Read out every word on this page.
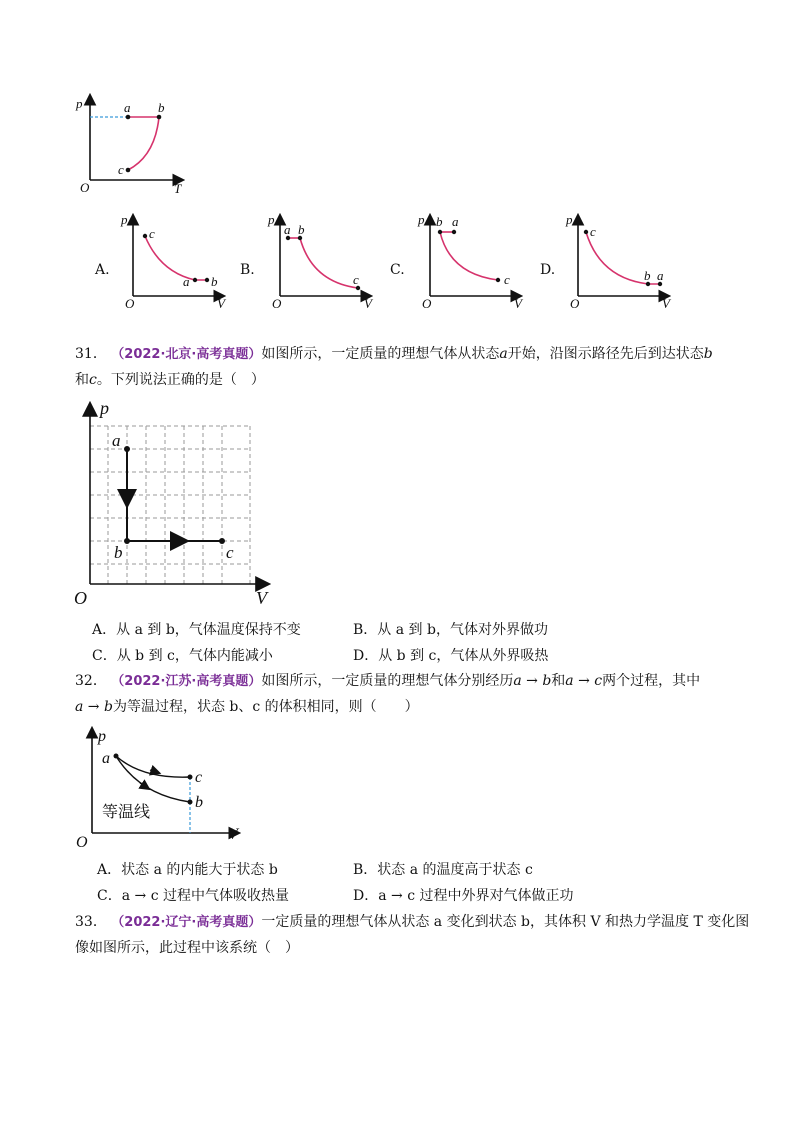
p
T
O
a b
c
A.
p
V
O
c
a b
B.
p
V
O
a b
c
C.
p
V
O
b a
c
D.
p
V
O
c
b a
31． （2022·北京·高考真题）如图所示，一定质量的理想气体从状态a开始，沿图示路径先后到达状态b
和c。下列说法正确的是（　）
p
V
O
a
b	c
A．从 a 到 b，气体温度保持不变	B．从 a 到 b，气体对外界做功
C．从 b 到 c，气体内能减小	D．从 b 到 c，气体从外界吸热
32． （2022·江苏·高考真题）如图所示，一定质量的理想气体分别经历a → b和a → c两个过程，其中
a → b为等温过程，状态 b、c 的体积相同，则（　　）
p
V
O
a
c
b
等温线
A．状态 a 的内能大于状态 b	B．状态 a 的温度高于状态 c
C．a → c 过程中气体吸收热量	D．a → c 过程中外界对气体做正功
33． （2022·辽宁·高考真题）一定质量的理想气体从状态 a 变化到状态 b，其体积 V 和热力学温度 T 变化图
像如图所示，此过程中该系统（　）
